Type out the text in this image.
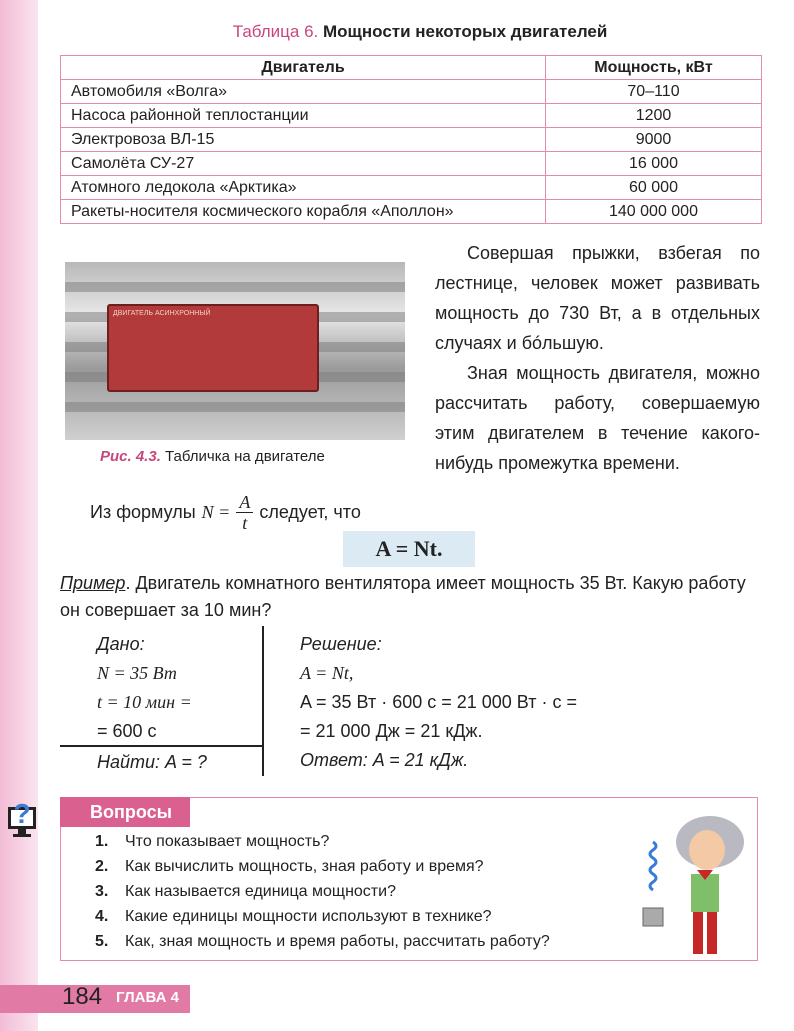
Таблица 6. Мощности некоторых двигателей
Двигатель	Мощность, кВт
Автомобиля «Волга»	70–110
Насоса районной теплостанции	1200
Электровоза ВЛ-15	9000
Самолёта СУ-27	16 000
Атомного ледокола «Арктика»	60 000
Ракеты-носителя космического корабля «Аполлон»	140 000 000
ДВИГАТЕЛЬ АСИНХРОННЫЙ
Рис. 4.3. Табличка на двигателе

Совершая прыжки, взбегая по лестнице, человек может развивать мощность до 730 Вт, а в отдельных случаях и бóльшую.

Зная мощность двигателя, можно рассчитать работу, совершаемую этим двигателем в течение какого-нибудь промежутка времени.

Из формулы $N = \frac{A}{t}$ следует, что
A = Nt.
Пример. Двигатель комнатного вентилятора имеет мощность 35 Вт. Какую работу он совершает за 10 мин?
Дано:
N = 35 Вт
t = 10 мин =
= 600 с
Найти: A = ?
Решение:
A = Nt,
A = 35 Вт · 600 с = 21 000 Вт · с =
= 21 000 Дж = 21 кДж.
Ответ: A = 21 кДж.
?	Вопросы
1. Что показывает мощность?
2. Как вычислить мощность, зная работу и время?
3. Как называется единица мощности?
4. Какие единицы мощности используют в технике?
5. Как, зная мощность и время работы, рассчитать работу?
184 ГЛАВА 4
